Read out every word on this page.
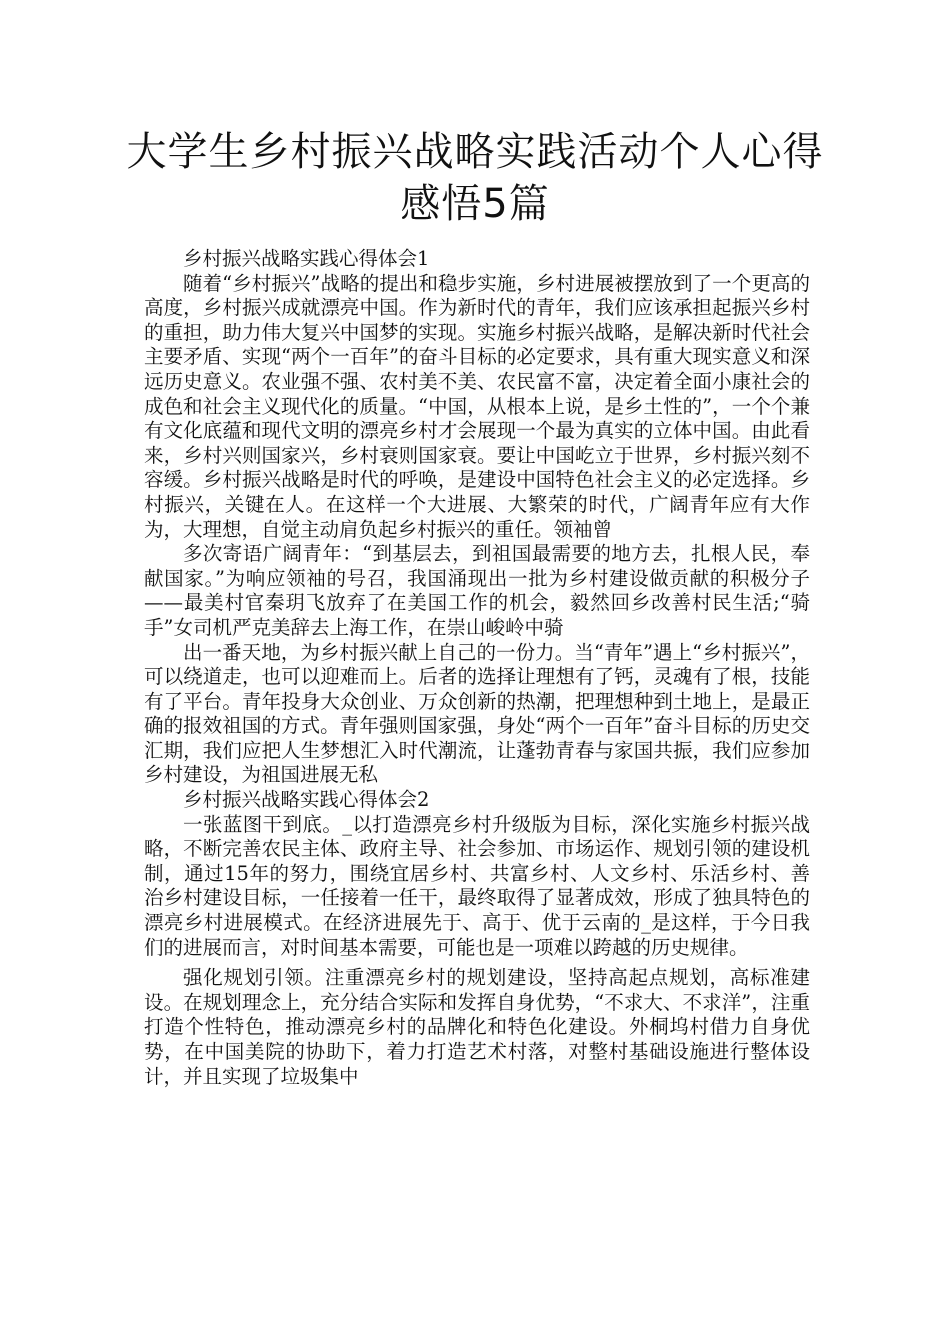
大学生乡村振兴战略实践活动个人心得感悟5篇

乡村振兴战略实践心得体会1

随着“乡村振兴”战略的提出和稳步实施，乡村进展被摆放到了一个更高的高度，乡村振兴成就漂亮中国。作为新时代的青年，我们应该承担起振兴乡村的重担，助力伟大复兴中国梦的实现。实施乡村振兴战略，是解决新时代社会主要矛盾、实现“两个一百年”的奋斗目标的必定要求，具有重大现实意义和深远历史意义。农业强不强、农村美不美、农民富不富，决定着全面小康社会的成色和社会主义现代化的质量。“中国，从根本上说，是乡土性的”，一个个兼有文化底蕴和现代文明的漂亮乡村才会展现一个最为真实的立体中国。由此看来，乡村兴则国家兴，乡村衰则国家衰。要让中国屹立于世界，乡村振兴刻不容缓。乡村振兴战略是时代的呼唤，是建设中国特色社会主义的必定选择。乡村振兴，关键在人。在这样一个大进展、大繁荣的时代，广阔青年应有大作为，大理想，自觉主动肩负起乡村振兴的重任。领袖曾

多次寄语广阔青年：“到基层去，到祖国最需要的地方去，扎根人民，奉献国家。”为响应领袖的号召，我国涌现出一批为乡村建设做贡献的积极分子——最美村官秦玥飞放弃了在美国工作的机会，毅然回乡改善村民生活;“骑手”女司机严克美辞去上海工作，在崇山峻岭中骑

出一番天地，为乡村振兴献上自己的一份力。当“青年”遇上“乡村振兴”，可以绕道走，也可以迎难而上。后者的选择让理想有了钙，灵魂有了根，技能有了平台。青年投身大众创业、万众创新的热潮，把理想种到土地上，是最正确的报效祖国的方式。青年强则国家强，身处“两个一百年”奋斗目标的历史交汇期，我们应把人生梦想汇入时代潮流，让蓬勃青春与家国共振，我们应参加乡村建设，为祖国进展无私

乡村振兴战略实践心得体会2

一张蓝图干到底。_以打造漂亮乡村升级版为目标，深化实施乡村振兴战略，不断完善农民主体、政府主导、社会参加、市场运作、规划引领的建设机制，通过15年的努力，围绕宜居乡村、共富乡村、人文乡村、乐活乡村、善治乡村建设目标，一任接着一任干，最终取得了显著成效，形成了独具特色的漂亮乡村进展模式。在经济进展先于、高于、优于云南的_是这样，于今日我们的进展而言，对时间基本需要，可能也是一项难以跨越的历史规律。

强化规划引领。注重漂亮乡村的规划建设，坚持高起点规划，高标准建设。在规划理念上，充分结合实际和发挥自身优势，“不求大、不求洋”，注重打造个性特色，推动漂亮乡村的品牌化和特色化建设。外桐坞村借力自身优势，在中国美院的协助下，着力打造艺术村落，对整村基础设施进行整体设计，并且实现了垃圾集中
